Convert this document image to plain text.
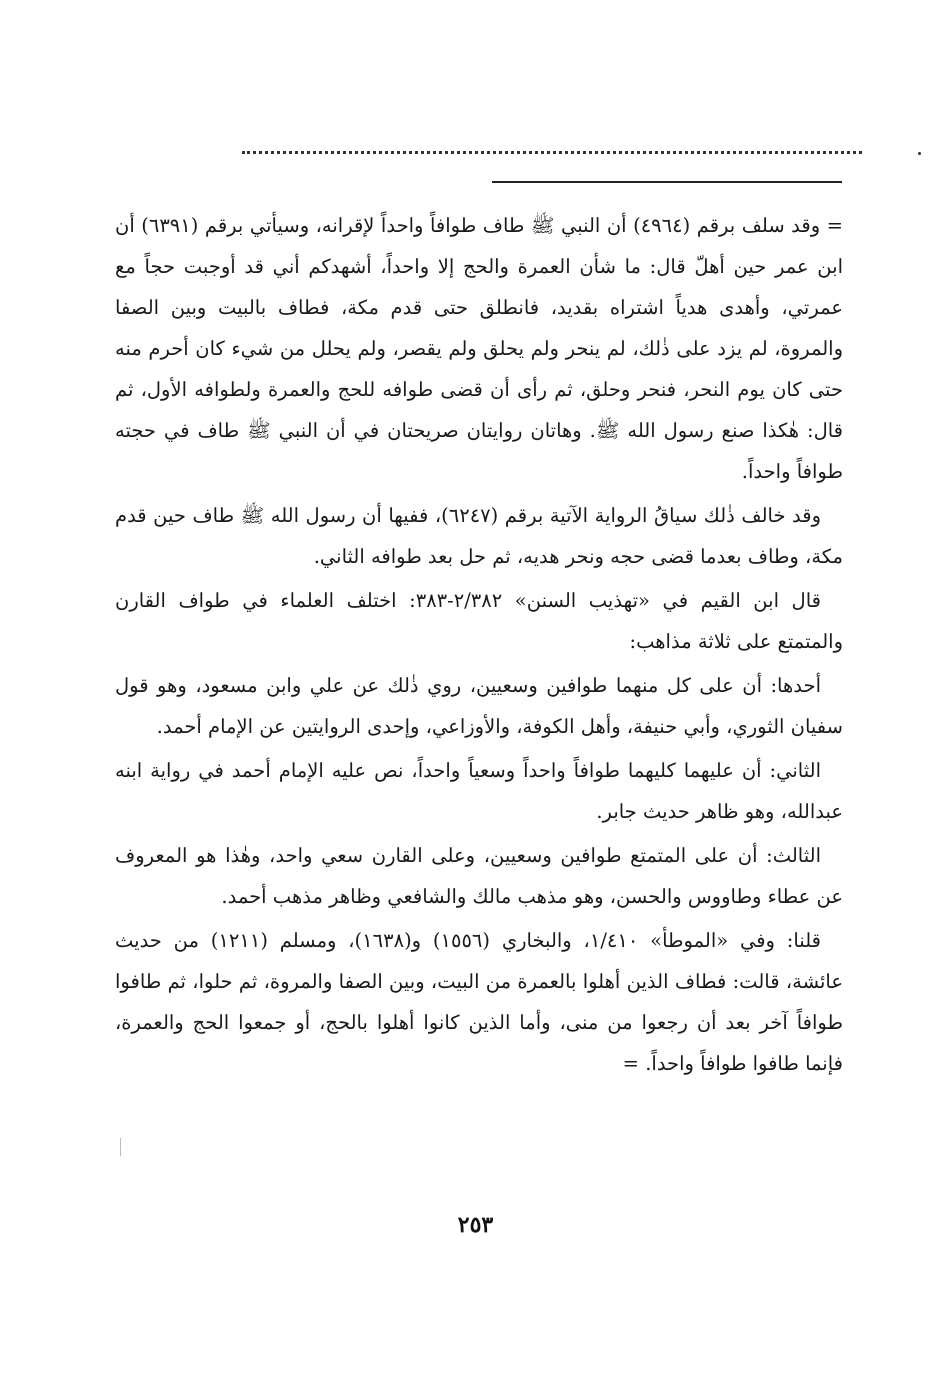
= وقد سلف برقم (٤٩٦٤) أن النبي ﷺ طاف طوافاً واحداً لإقرانه، وسيأتي برقم (٦٣٩١) أن ابن عمر حين أهلّ قال: ما شأن العمرة والحج إلا واحداً، أشهدكم أني قد أوجبت حجاً مع عمرتي، وأهدى هدياً اشتراه بقديد، فانطلق حتى قدم مكة، فطاف بالبيت وبين الصفا والمروة، لم يزد على ذٰلك، لم ينحر ولم يحلق ولم يقصر، ولم يحلل من شيء كان أحرم منه حتى كان يوم النحر، فنحر وحلق، ثم رأى أن قضى طوافه للحج والعمرة ولطوافه الأول، ثم قال: هٰكذا صنع رسول الله ﷺ. وهاتان روايتان صريحتان في أن النبي ﷺ طاف في حجته طوافاً واحداً.

وقد خالف ذٰلك سياقُ الرواية الآتية برقم (٦٢٤٧)، ففيها أن رسول الله ﷺ طاف حين قدم مكة، وطاف بعدما قضى حجه ونحر هديه، ثم حل بعد طوافه الثاني.

قال ابن القيم في «تهذيب السنن» ٢/٣٨٢-٣٨٣: اختلف العلماء في طواف القارن والمتمتع على ثلاثة مذاهب:

أحدها: أن على كل منهما طوافين وسعيين، روي ذٰلك عن علي وابن مسعود، وهو قول سفيان الثوري، وأبي حنيفة، وأهل الكوفة، والأوزاعي، وإحدى الروايتين عن الإمام أحمد.

الثاني: أن عليهما كليهما طوافاً واحداً وسعياً واحداً، نص عليه الإمام أحمد في رواية ابنه عبدالله، وهو ظاهر حديث جابر.

الثالث: أن على المتمتع طوافين وسعيين، وعلى القارن سعي واحد، وهٰذا هو المعروف عن عطاء وطاووس والحسن، وهو مذهب مالك والشافعي وظاهر مذهب أحمد.

قلنا: وفي «الموطأ» ١/٤١٠، والبخاري (١٥٥٦) و(١٦٣٨)، ومسلم (١٢١١) من حديث عائشة، قالت: فطاف الذين أهلوا بالعمرة من البيت، وبين الصفا والمروة، ثم حلوا، ثم طافوا طوافاً آخر بعد أن رجعوا من منى، وأما الذين كانوا أهلوا بالحج، أو جمعوا الحج والعمرة، فإنما طافوا طوافاً واحداً. =

٢٥٣
